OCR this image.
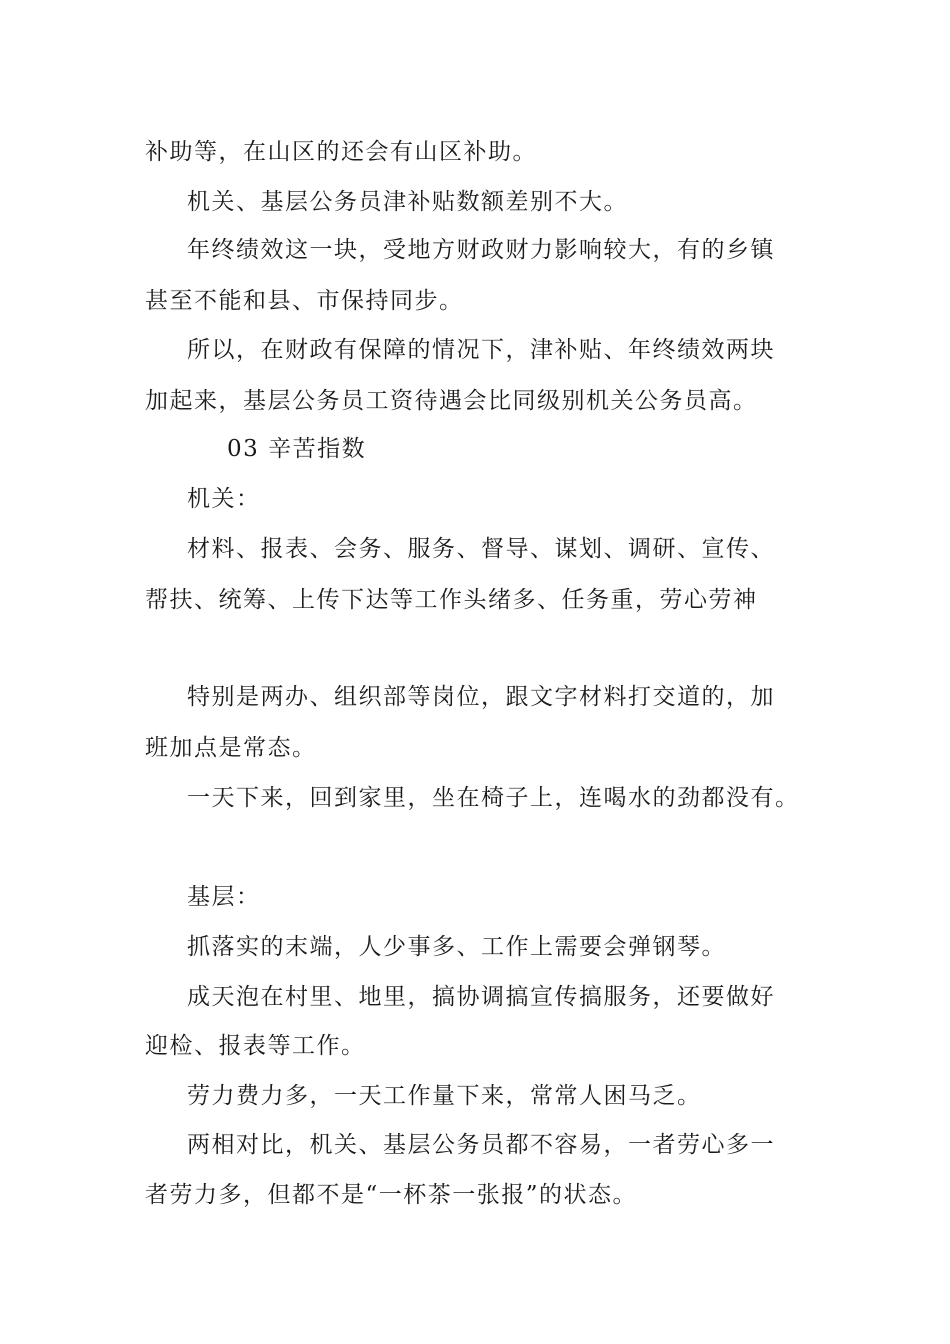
补助等，在山区的还会有山区补助。
机关、基层公务员津补贴数额差别不大。
年终绩效这一块，受地方财政财力影响较大，有的乡镇
甚至不能和县、市保持同步。
所以，在财政有保障的情况下，津补贴、年终绩效两块
加起来，基层公务员工资待遇会比同级别机关公务员高。
03 辛苦指数
机关：
材料、报表、会务、服务、督导、谋划、调研、宣传、
帮扶、统筹、上传下达等工作头绪多、任务重，劳心劳神
特别是两办、组织部等岗位，跟文字材料打交道的，加
班加点是常态。
一天下来，回到家里，坐在椅子上，连喝水的劲都没有。
基层：
抓落实的末端，人少事多、工作上需要会弹钢琴。
成天泡在村里、地里，搞协调搞宣传搞服务，还要做好
迎检、报表等工作。
劳力费力多，一天工作量下来，常常人困马乏。
两相对比，机关、基层公务员都不容易，一者劳心多一
者劳力多，但都不是“一杯茶一张报”的状态。
